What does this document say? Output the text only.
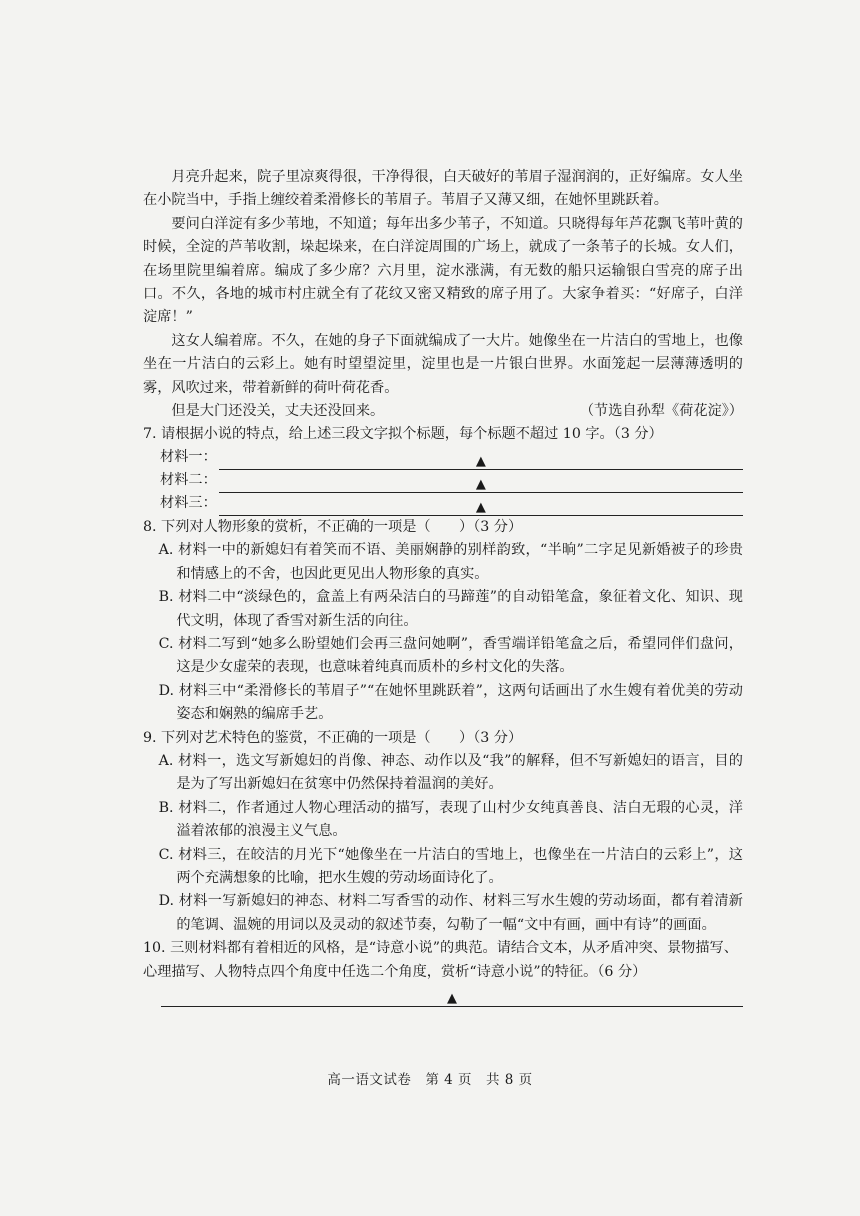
月亮升起来，院子里凉爽得很，干净得很，白天破好的苇眉子湿润润的，正好编席。女人坐在小院当中，手指上缠绞着柔滑修长的苇眉子。苇眉子又薄又细，在她怀里跳跃着。

要问白洋淀有多少苇地，不知道；每年出多少苇子，不知道。只晓得每年芦花飘飞苇叶黄的时候，全淀的芦苇收割，垛起垛来，在白洋淀周围的广场上，就成了一条苇子的长城。女人们，在场里院里编着席。编成了多少席？六月里，淀水涨满，有无数的船只运输银白雪亮的席子出口。不久，各地的城市村庄就全有了花纹又密又精致的席子用了。大家争着买：“好席子，白洋淀席！”

这女人编着席。不久，在她的身子下面就编成了一大片。她像坐在一片洁白的雪地上，也像坐在一片洁白的云彩上。她有时望望淀里，淀里也是一片银白世界。水面笼起一层薄薄透明的雾，风吹过来，带着新鲜的荷叶荷花香。

但是大门还没关，丈夫还没回来。	（节选自孙犁《荷花淀》）

7. 请根据小说的特点，给上述三段文字拟个标题，每个标题不超过 10 字。（3 分）

材料一：	▲
材料二：	▲
材料三：	▲

8. 下列对人物形象的赏析，不正确的一项是（　　）（3 分）

A. 材料一中的新媳妇有着笑而不语、美丽娴静的别样韵致，“半晌”二字足见新婚被子的珍贵和情感上的不舍，也因此更见出人物形象的真实。

B. 材料二中“淡绿色的，盒盖上有两朵洁白的马蹄莲”的自动铅笔盒，象征着文化、知识、现代文明，体现了香雪对新生活的向往。

C. 材料二写到“她多么盼望她们会再三盘问她啊”，香雪端详铅笔盒之后，希望同伴们盘问，这是少女虚荣的表现，也意味着纯真而质朴的乡村文化的失落。

D. 材料三中“柔滑修长的苇眉子”“在她怀里跳跃着”，这两句话画出了水生嫂有着优美的劳动姿态和娴熟的编席手艺。

9. 下列对艺术特色的鉴赏，不正确的一项是（　　）（3 分）

A. 材料一，选文写新媳妇的肖像、神态、动作以及“我”的解释，但不写新媳妇的语言，目的是为了写出新媳妇在贫寒中仍然保持着温润的美好。

B. 材料二，作者通过人物心理活动的描写，表现了山村少女纯真善良、洁白无瑕的心灵，洋溢着浓郁的浪漫主义气息。

C. 材料三，在皎洁的月光下“她像坐在一片洁白的雪地上，也像坐在一片洁白的云彩上”，这两个充满想象的比喻，把水生嫂的劳动场面诗化了。

D. 材料一写新媳妇的神态、材料二写香雪的动作、材料三写水生嫂的劳动场面，都有着清新的笔调、温婉的用词以及灵动的叙述节奏，勾勒了一幅“文中有画，画中有诗”的画面。

10. 三则材料都有着相近的风格，是“诗意小说”的典范。请结合文本，从矛盾冲突、景物描写、心理描写、人物特点四个角度中任选二个角度，赏析“诗意小说”的特征。（6 分）

▲
高一语文试卷　第 4 页　共 8 页
